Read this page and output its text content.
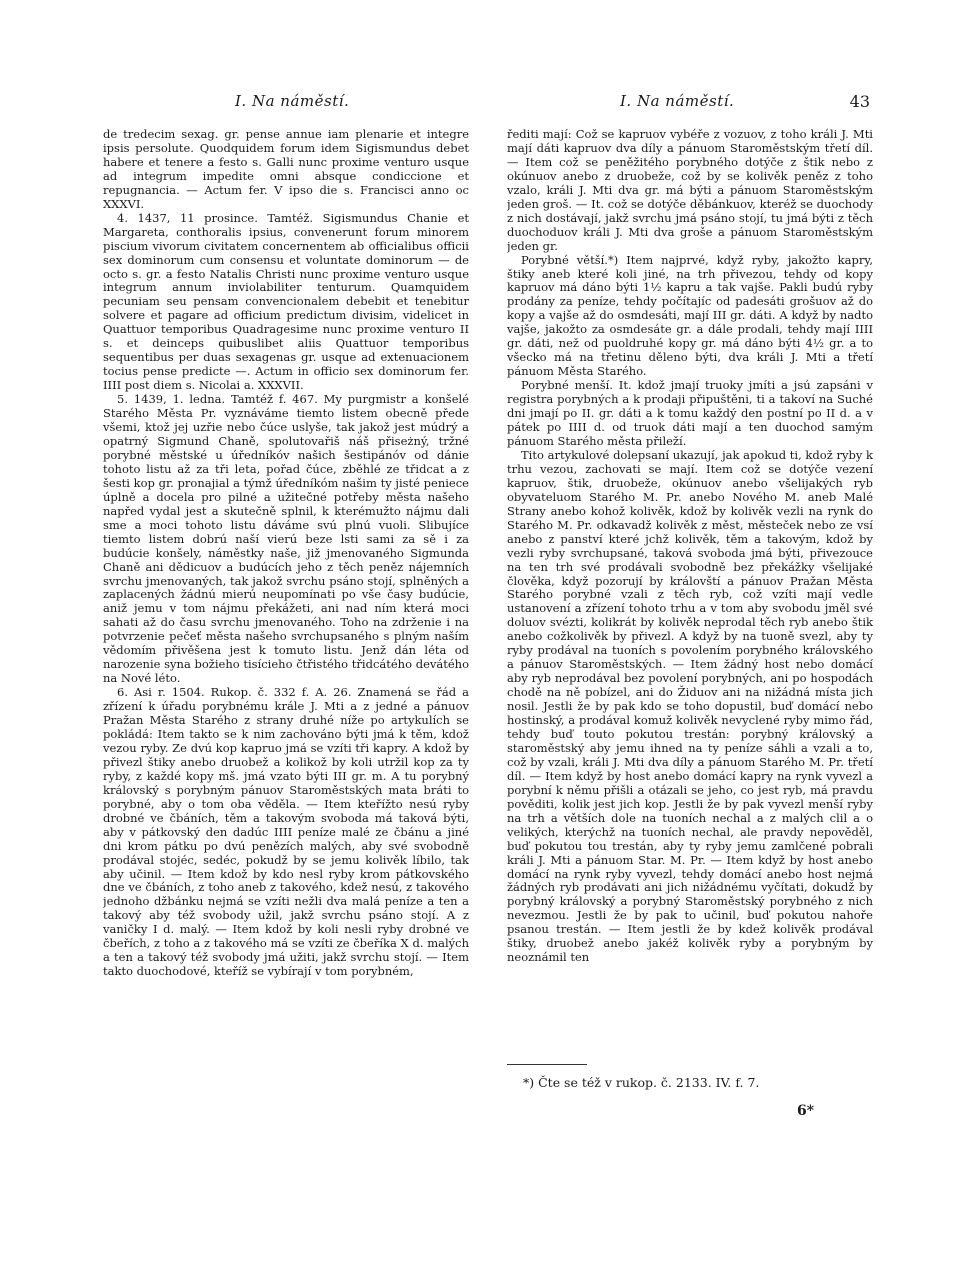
I. Na náměstí.	I. Na náměstí.	43

de tredecim sexag. gr. pense annue iam plenarie et integre ipsis persolute. Quodquidem forum idem Sigismundus debet habere et tenere a festo s. Galli nunc proxime venturo usque ad integrum impedite omni absque condiccione et repugnancia. — Actum fer. V ipso die s. Francisci anno oc XXXVI.

4. 1437, 11 prosince. Tamtéž. Sigismundus Chanie et Margareta, conthoralis ipsius, convenerunt forum minorem piscium vivorum civitatem concernentem ab officialibus officii sex dominorum cum consensu et voluntate dominorum — de octo s. gr. a festo Natalis Christi nunc proxime venturo usque integrum annum inviolabiliter tenturum. Quamquidem pecuniam seu pensam convencionalem debebit et tenebitur solvere et pagare ad officium predictum divisim, videlicet in Quattuor temporibus Quadragesime nunc proxime venturo II s. et deinceps quibuslibet aliis Quattuor temporibus sequentibus per duas sexagenas gr. usque ad extenuacionem tocius pense predicte —. Actum in officio sex dominorum fer. IIII post diem s. Nicolai a. XXXVII.

5. 1439, 1. ledna. Tamtéž f. 467. My purgmistr a konšelé Starého Města Pr. vyznáváme tiemto listem obecně přede všemi, ktož jej uzřie nebo čúce uslyše, tak jakož jest múdrý a opatrný Sigmund Chaně, spolutovařiš náš přiseżný, tržné porybné městské u úředníkóv našich šestipánóv od dánie tohoto listu až za tři leta, pořad čúce, zběhlé ze třidcat a z šesti kop gr. pronajial a týmž úředníkóm našim ty jisté peniece úplně a docela pro pilné a užitečné potřeby města našeho napřed vydal jest a skutečně splnil, k kterémužto nájmu dali sme a moci tohoto listu dáváme svú plnú vuoli. Slibujíce tiemto listem dobrú naší vierú beze lsti sami za sě i za budúcie konšely, náměstky naše, již jmenovaného Sigmunda Chaně ani dědicuov a budúcích jeho z těch peněz nájemních svrchu jmenovaných, tak jakož svrchu psáno stojí, splněných a zaplacených žádnú mierú neupomínati po vše časy budúcie, aniž jemu v tom nájmu překážeti, ani nad ním která moci sahati až do času svrchu jmenovaného. Toho na zdrženie i na potvrzenie pečeť města našeho svrchupsaného s plným naším vědomím přivěšena jest k tomuto listu. Jenž dán léta od narozenie syna božieho tisícieho čtřistého třidcátého devátého na Nové léto.

6. Asi r. 1504. Rukop. č. 332 f. A. 26. Znamená se řád a zřízení k úřadu porybnému krále J. Mti a z jedné a pánuov Pražan Města Starého z strany druhé níže po artykulích se pokládá: Item takto se k nim zachováno býti jmá k těm, kdož vezou ryby. Ze dvú kop kapruo jmá se vzíti tři kapry. A kdož by přivezl štiky anebo druobež a kolikož by koli utržil kop za ty ryby, z každé kopy mš. jmá vzato býti III gr. m. A tu porybný královský s porybným pánuov Staroměstských mata bráti to porybné, aby o tom oba věděla. — Item kteřížto nesú ryby drobné ve čbáních, těm a takovým svoboda má taková býti, aby v pátkovský den dadúc IIII peníze malé ze čbánu a jiné dni krom pátku po dvú penězích malých, aby své svobodně prodával stojéc, sedéc, pokudž by se jemu kolivěk líbilo, tak aby učinil. — Item kdož by kdo nesl ryby krom pátkovského dne ve čbáních, z toho aneb z takového, kdež nesú, z takového jednoho džbánku nejmá se vzíti nežli dva malá peníze a ten a takový aby též svobody užil, jakž svrchu psáno stojí. A z vaničky I d. malý. — Item kdož by koli nesli ryby drobné ve čbeřích, z toho a z takového má se vzíti ze čbeříka X d. malých a ten a takový též svobody jmá užiti, jakž svrchu stojí. — Item takto duochodové, kteříž se vybírají v tom porybném,

řediti mají: Což se kapruov vybéře z vozuov, z toho králi J. Mti mají dáti kapruov dva díly a pánuom Staroměstským třetí díl. — Item což se peněžitého porybného dotýče z štik nebo z okúnuov anebo z druobeže, což by se kolivěk peněz z toho vzalo, králi J. Mti dva gr. má býti a pánuom Staroměstským jeden groš. — It. což se dotýče děbánkuov, kteréž se duochody z nich dostávají, jakž svrchu jmá psáno stojí, tu jmá býti z těch duochoduov králi J. Mti dva groše a pánuom Staroměstským jeden gr.

Porybné větší.*) Item najprvé, když ryby, jakožto kapry, štiky aneb které koli jiné, na trh přivezou, tehdy od kopy kapruov má dáno býti 1½ kapru a tak vajše. Pakli budú ryby prodány za peníze, tehdy počítajíc od padesáti grošuov až do kopy a vajše až do osmdesáti, mají III gr. dáti. A když by nadto vajše, jakožto za osmdesáte gr. a dále prodali, tehdy mají IIII gr. dáti, než od puoldruhé kopy gr. má dáno býti 4½ gr. a to všecko má na třetinu děleno býti, dva králi J. Mti a třetí pánuom Města Starého.

Porybné menší. It. kdož jmají truoky jmíti a jsú zapsáni v registra porybných a k prodaji připuštěni, ti a takoví na Suché dni jmají po II. gr. dáti a k tomu každý den postní po II d. a v pátek po IIII d. od truok dáti mají a ten duochod samým pánuom Starého města přileží.

Tito artykulové dolepsaní ukazují, jak apokud ti, kdož ryby k trhu vezou, zachovati se mají. Item což se dotýče vezení kapruov, štik, druobeže, okúnuov anebo všelijakých ryb obyvateluom Starého M. Pr. anebo Nového M. aneb Malé Strany anebo kohož kolivěk, kdož by kolivěk vezli na rynk do Starého M. Pr. odkavadž kolivěk z měst, městeček nebo ze vsí anebo z panství které jchž kolivěk, těm a takovým, kdož by vezli ryby svrchupsané, taková svoboda jmá býti, přivezouce na ten trh své prodávali svobodně bez překážky všelijaké člověka, když pozorují by královští a pánuov Pražan Města Starého porybné vzali z těch ryb, což vzíti mají vedle ustanovení a zřízení tohoto trhu a v tom aby svobodu jměl své doluov svézti, kolikrát by kolivěk neprodal těch ryb anebo štik anebo cožkolivěk by přivezl. A když by na tuoně svezl, aby ty ryby prodával na tuoních s povolením porybného královského a pánuov Staroměstských. — Item žádný host nebo domácí aby ryb neprodával bez povolení porybných, ani po hospodách chodě na ně pobízel, ani do Židuov ani na nižádná místa jich nosil. Jestli že by pak kdo se toho dopustil, buď domácí nebo hostinský, a prodával komuž kolivěk nevyclené ryby mimo řád, tehdy buď touto pokutou trestán: porybný královský a staroměstský aby jemu ihned na ty peníze sáhli a vzali a to, což by vzali, králi J. Mti dva díly a pánuom Starého M. Pr. třetí díl. — Item když by host anebo domácí kapry na rynk vyvezl a porybní k němu přišli a otázali se jeho, co jest ryb, má pravdu pověditi, kolik jest jich kop. Jestli že by pak vyvezl menší ryby na trh a větších dole na tuoních nechal a z malých clil a o velikých, kterýchž na tuoních nechal, ale pravdy nepověděl, buď pokutou tou trestán, aby ty ryby jemu zamlčené pobrali králi J. Mti a pánuom Star. M. Pr. — Item když by host anebo domácí na rynk ryby vyvezl, tehdy domácí anebo host nejmá žádných ryb prodávati ani jich nižádnému vyčítati, dokudž by porybný královský a porybný Staroměstský porybného z nich nevezmou. Jestli že by pak to učinil, buď pokutou nahoře psanou trestán. — Item jestli že by kdež kolivěk prodával štiky, druobež anebo jakéž kolivěk ryby a porybným by neoznámil ten

*) Čte se též v rukop. č. 2133. IV. f. 7.
6*
